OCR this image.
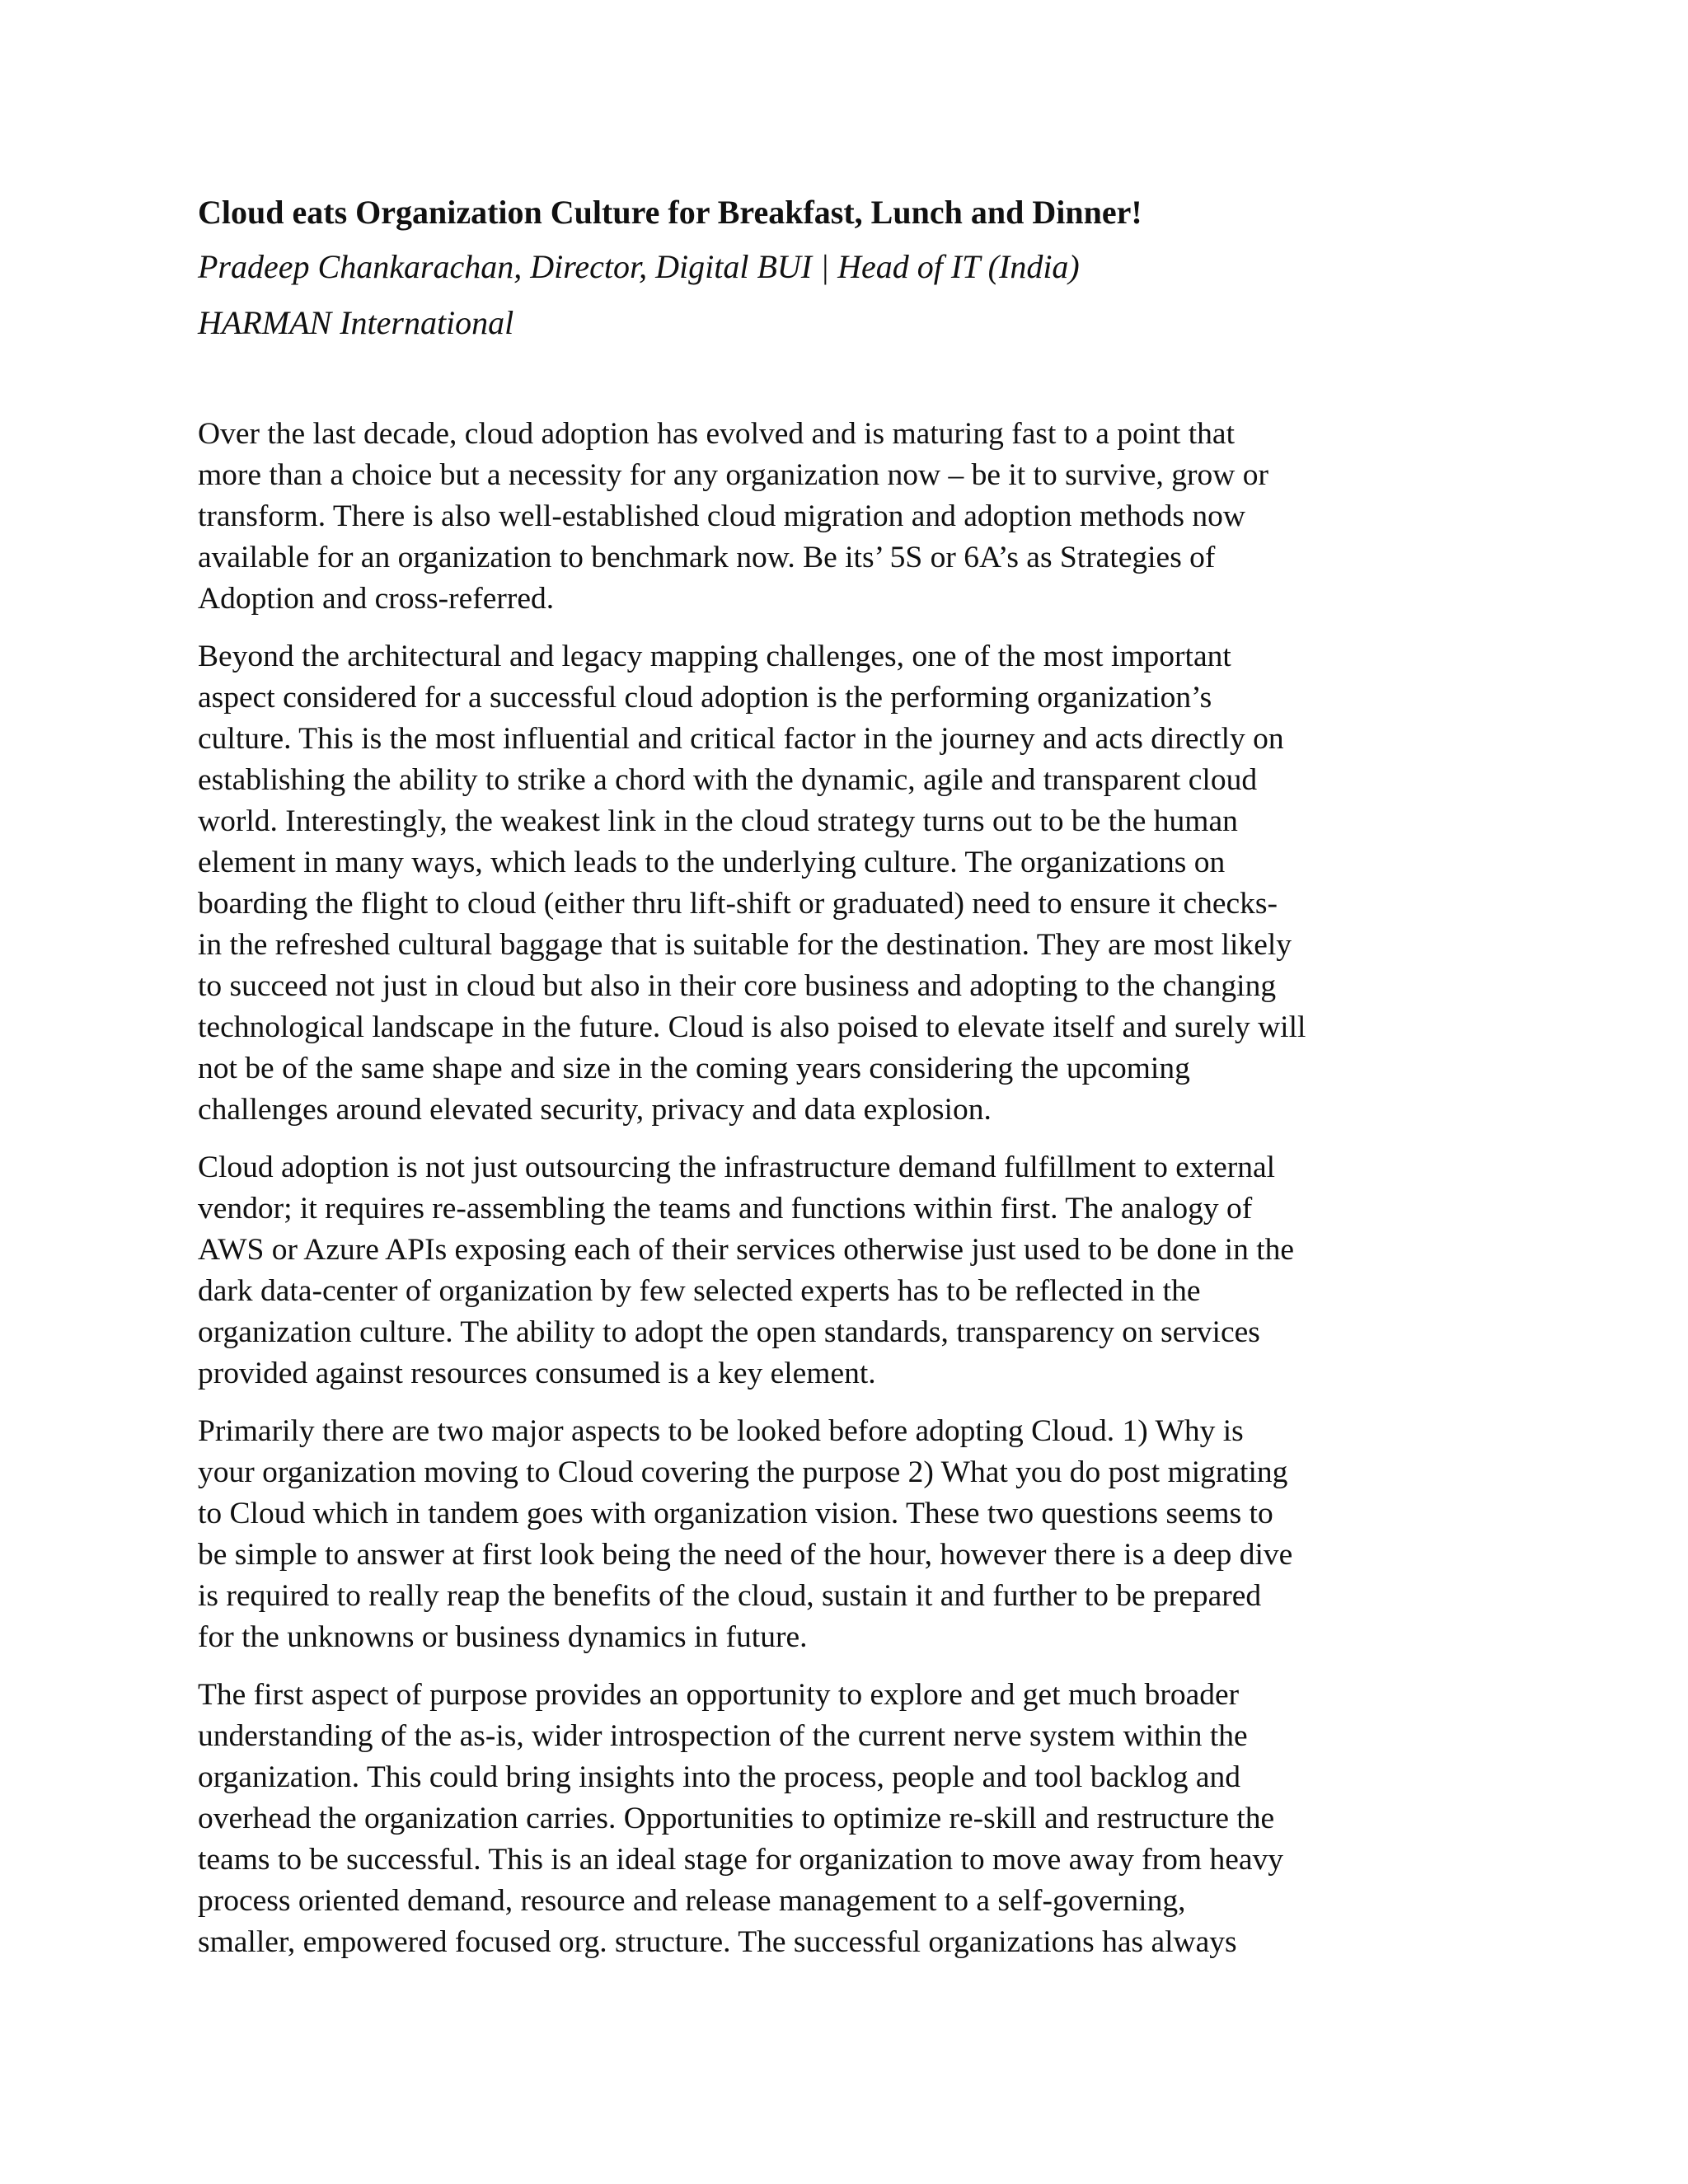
Cloud eats Organization Culture for Breakfast, Lunch and Dinner!
Pradeep Chankarachan, Director, Digital BUI | Head of IT (India)
HARMAN International
Over the last decade, cloud adoption has evolved and is maturing fast to a point that
more than a choice but a necessity for any organization now – be it to survive, grow or
transform. There is also well-established cloud migration and adoption methods now
available for an organization to benchmark now. Be its’ 5S or 6A’s as Strategies of
Adoption and cross-referred.
Beyond the architectural and legacy mapping challenges, one of the most important
aspect considered for a successful cloud adoption is the performing organization’s
culture. This is the most influential and critical factor in the journey and acts directly on
establishing the ability to strike a chord with the dynamic, agile and transparent cloud
world. Interestingly, the weakest link in the cloud strategy turns out to be the human
element in many ways, which leads to the underlying culture. The organizations on
boarding the flight to cloud (either thru lift-shift or graduated) need to ensure it checks-
in the refreshed cultural baggage that is suitable for the destination. They are most likely
to succeed not just in cloud but also in their core business and adopting to the changing
technological landscape in the future. Cloud is also poised to elevate itself and surely will
not be of the same shape and size in the coming years considering the upcoming
challenges around elevated security, privacy and data explosion.
Cloud adoption is not just outsourcing the infrastructure demand fulfillment to external
vendor; it requires re-assembling the teams and functions within first. The analogy of
AWS or Azure APIs exposing each of their services otherwise just used to be done in the
dark data-center of organization by few selected experts has to be reflected in the
organization culture. The ability to adopt the open standards, transparency on services
provided against resources consumed is a key element.
Primarily there are two major aspects to be looked before adopting Cloud. 1) Why is
your organization moving to Cloud covering the purpose 2) What you do post migrating
to Cloud which in tandem goes with organization vision. These two questions seems to
be simple to answer at first look being the need of the hour, however there is a deep dive
is required to really reap the benefits of the cloud, sustain it and further to be prepared
for the unknowns or business dynamics in future.
The first aspect of purpose provides an opportunity to explore and get much broader
understanding of the as-is, wider introspection of the current nerve system within the
organization. This could bring insights into the process, people and tool backlog and
overhead the organization carries. Opportunities to optimize re-skill and restructure the
teams to be successful. This is an ideal stage for organization to move away from heavy
process oriented demand, resource and release management to a self-governing,
smaller, empowered focused org. structure. The successful organizations has always
